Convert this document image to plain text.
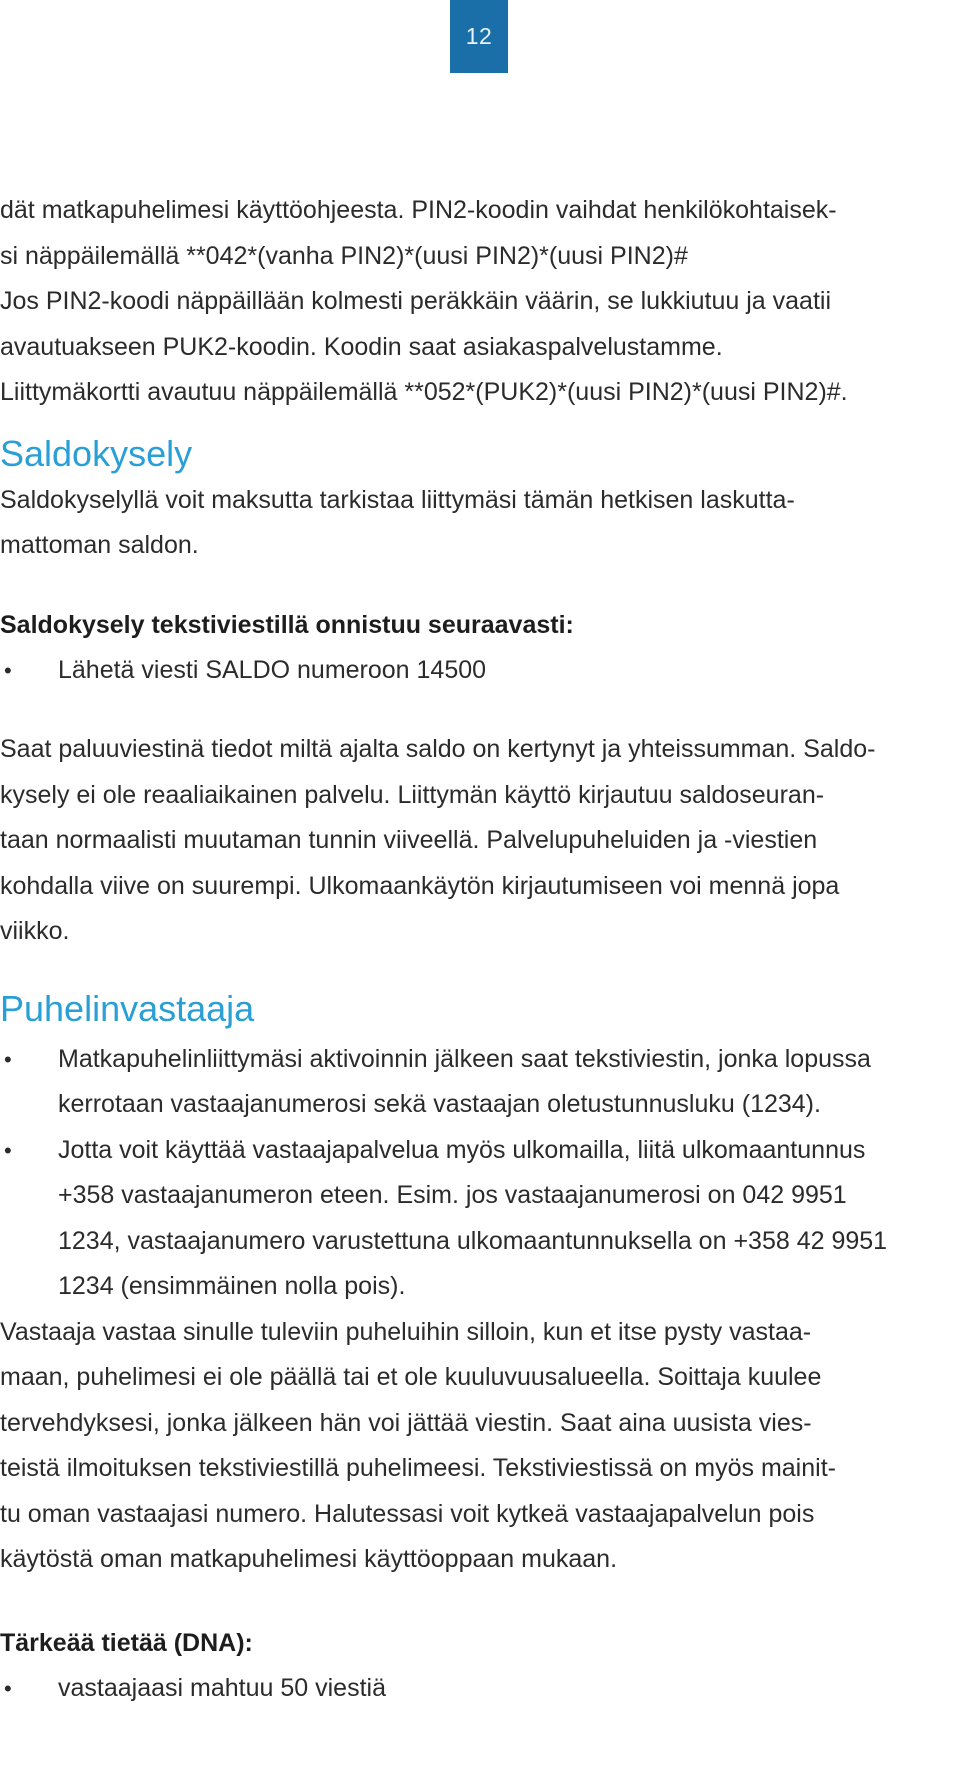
12

dät matkapuhelimesi käyttöohjeesta. PIN2-koodin vaihdat henkilökohtaisek-
si näppäilemällä **042*(vanha PIN2)*(uusi PIN2)*(uusi PIN2)#
Jos PIN2-koodi näppäillään kolmesti peräkkäin väärin, se lukkiutuu ja vaatii
avautuakseen PUK2-koodin. Koodin saat asiakaspalvelustamme.
Liittymäkortti avautuu näppäilemällä **052*(PUK2)*(uusi PIN2)*(uusi PIN2)#.

Saldokysely

Saldokyselyllä voit maksutta tarkistaa liittymäsi tämän hetkisen laskutta-
mattoman saldon.

Saldokysely tekstiviestillä onnistuu seuraavasti:
• Lähetä viesti SALDO numeroon 14500

Saat paluuviestinä tiedot miltä ajalta saldo on kertynyt ja yhteissumman. Saldo-
kysely ei ole reaaliaikainen palvelu. Liittymän käyttö kirjautuu saldoseuran-
taan normaalisti muutaman tunnin viiveellä. Palvelupuheluiden ja -viestien
kohdalla viive on suurempi. Ulkomaankäytön kirjautumiseen voi mennä jopa
viikko.

Puhelinvastaaja
• Matkapuhelinliittymäsi aktivoinnin jälkeen saat tekstiviestin, jonka lopussa
kerrotaan vastaajanumerosi sekä vastaajan oletustunnusluku (1234).
• Jotta voit käyttää vastaajapalvelua myös ulkomailla, liitä ulkomaantunnus
+358 vastaajanumeron eteen. Esim. jos vastaajanumerosi on 042 9951
1234, vastaajanumero varustettuna ulkomaantunnuksella on +358 42 9951
1234 (ensimmäinen nolla pois).

Vastaaja vastaa sinulle tuleviin puheluihin silloin, kun et itse pysty vastaa-
maan, puhelimesi ei ole päällä tai et ole kuuluvuusalueella. Soittaja kuulee
tervehdyksesi, jonka jälkeen hän voi jättää viestin. Saat aina uusista vies-
teistä ilmoituksen tekstiviestillä puhelimeesi. Tekstiviestissä on myös mainit-
tu oman vastaajasi numero. Halutessasi voit kytkeä vastaajapalvelun pois
käytöstä oman matkapuhelimesi käyttöoppaan mukaan.

Tärkeää tietää (DNA):
• vastaajaasi mahtuu 50 viestiä
